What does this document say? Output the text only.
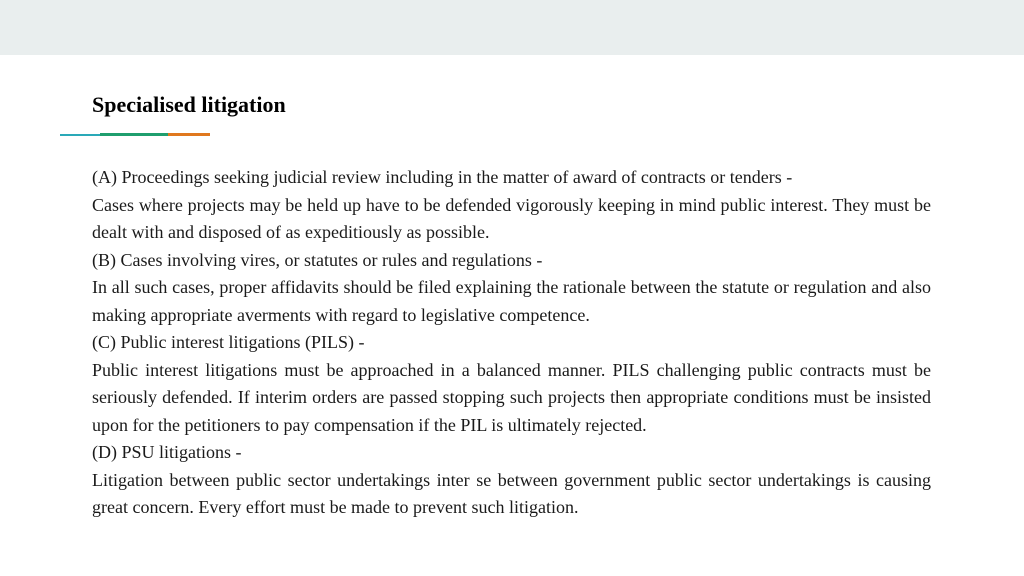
Specialised litigation

(A) Proceedings seeking judicial review including in the matter of award of contracts or tenders -

Cases where projects may be held up have to be defended vigorously keeping in mind public interest. They must be dealt with and disposed of as expeditiously as possible.

(B) Cases involving vires, or statutes or rules and regulations -

In all such cases, proper affidavits should be filed explaining the rationale between the statute or regulation and also making appropriate averments with regard to legislative competence.

(C) Public interest litigations (PILS) -

Public interest litigations must be approached in a balanced manner. PILS challenging public contracts must be seriously defended. If interim orders are passed stopping such projects then appropriate conditions must be insisted upon for the petitioners to pay compensation if the PIL is ultimately rejected.

(D) PSU litigations -

Litigation between public sector undertakings inter se between government public sector undertakings is causing great concern. Every effort must be made to prevent such litigation.
